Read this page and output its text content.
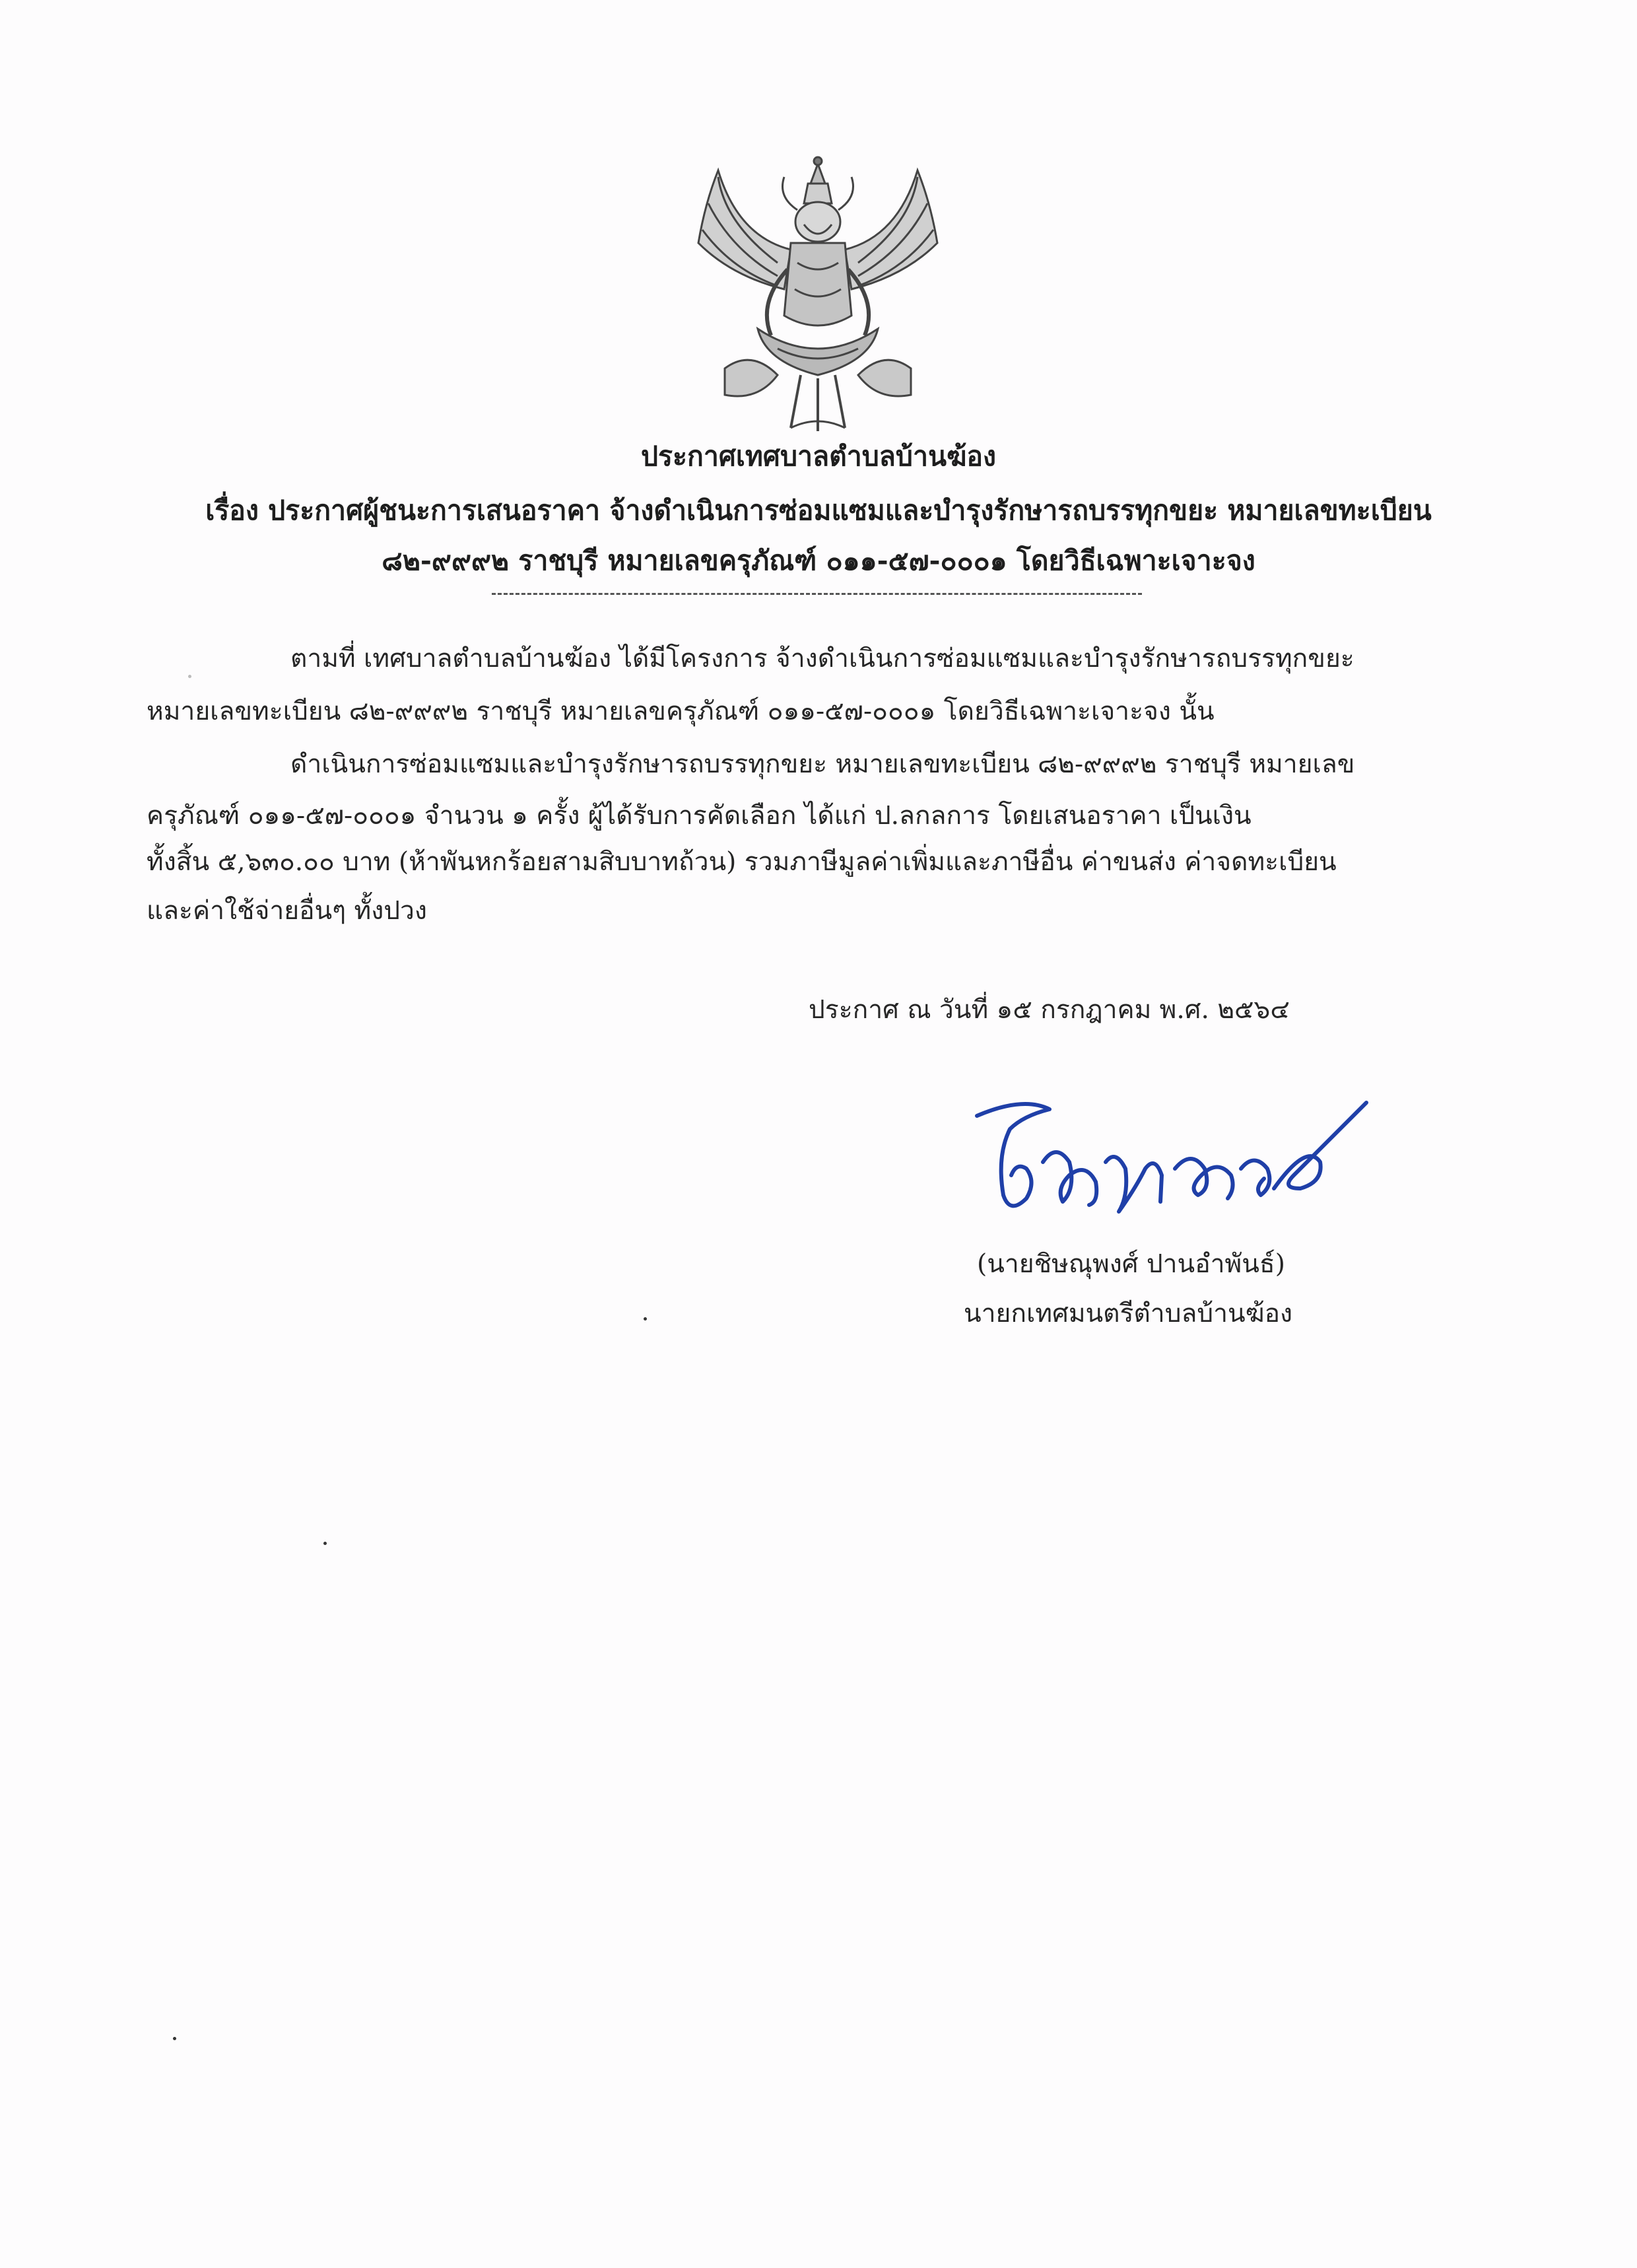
ประกาศเทศบาลตำบลบ้านฆ้อง
เรื่อง ประกาศผู้ชนะการเสนอราคา จ้างดำเนินการซ่อมแซมและบำรุงรักษารถบรรทุกขยะ หมายเลขทะเบียน
๘๒-๙๙๙๒ ราชบุรี หมายเลขครุภัณฑ์ ๐๑๑-๕๗-๐๐๐๑ โดยวิธีเฉพาะเจาะจง
ตามที่ เทศบาลตำบลบ้านฆ้อง ได้มีโครงการ จ้างดำเนินการซ่อมแซมและบำรุงรักษารถบรรทุกขยะ
หมายเลขทะเบียน ๘๒-๙๙๙๒ ราชบุรี หมายเลขครุภัณฑ์ ๐๑๑-๕๗-๐๐๐๑ โดยวิธีเฉพาะเจาะจง นั้น
ดำเนินการซ่อมแซมและบำรุงรักษารถบรรทุกขยะ หมายเลขทะเบียน ๘๒-๙๙๙๒ ราชบุรี หมายเลข
ครุภัณฑ์ ๐๑๑-๕๗-๐๐๐๑ จำนวน ๑ ครั้ง ผู้ได้รับการคัดเลือก ได้แก่ ป.ลกลการ โดยเสนอราคา เป็นเงิน
ทั้งสิ้น ๕,๖๓๐.๐๐ บาท (ห้าพันหกร้อยสามสิบบาทถ้วน) รวมภาษีมูลค่าเพิ่มและภาษีอื่น ค่าขนส่ง ค่าจดทะเบียน
และค่าใช้จ่ายอื่นๆ ทั้งปวง
ประกาศ ณ วันที่ ๑๕ กรกฎาคม พ.ศ. ๒๕๖๔
(นายชิษณุพงศ์ ปานอำพันธ์)
นายกเทศมนตรีตำบลบ้านฆ้อง
